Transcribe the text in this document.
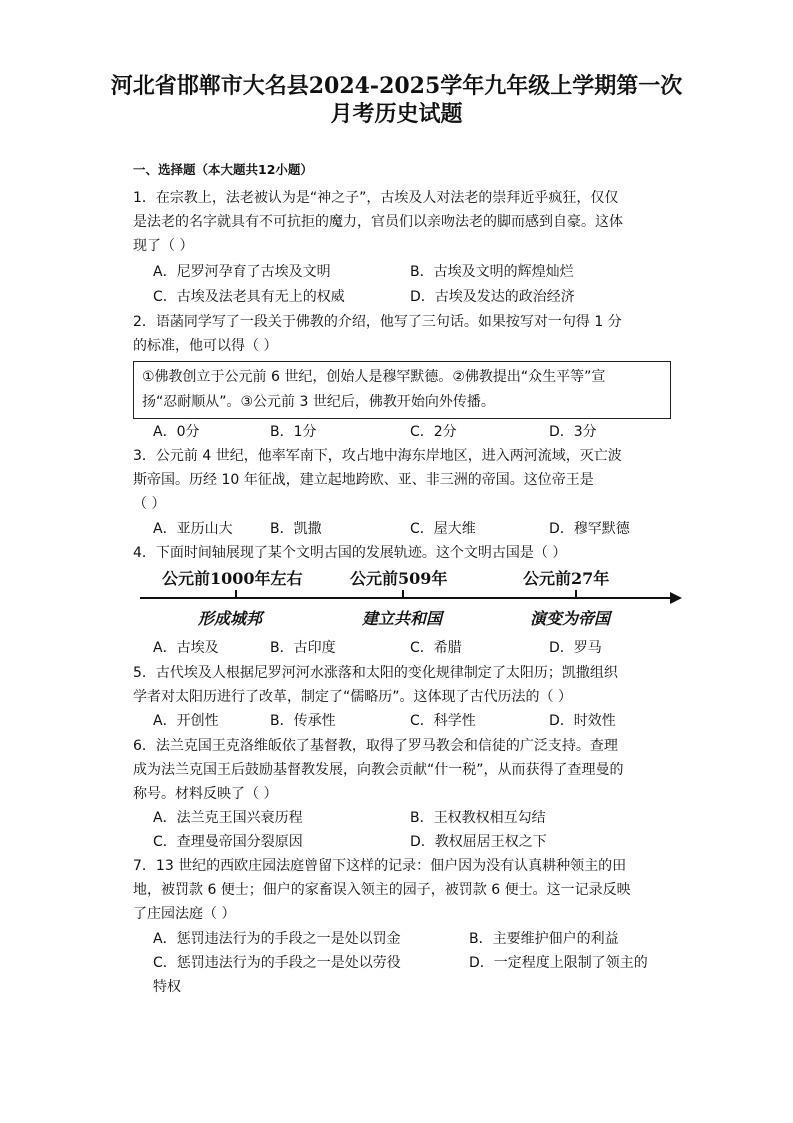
河北省邯郸市大名县2024-2025学年九年级上学期第一次
月考历史试题
一、选择题（本大题共12小题）
1．在宗教上，法老被认为是“神之子”，古埃及人对法老的崇拜近乎疯狂，仅仅
是法老的名字就具有不可抗拒的魔力，官员们以亲吻法老的脚而感到自豪。这体
现了（ ）
A．尼罗河孕育了古埃及文明	B．古埃及文明的辉煌灿烂
C．古埃及法老具有无上的权威	D．古埃及发达的政治经济
2．语菡同学写了一段关于佛教的介绍，他写了三句话。如果按写对一句得 1 分
的标准，他可以得（ ）
①佛教创立于公元前 6 世纪，创始人是穆罕默德。②佛教提出“众生平等”宣
扬“忍耐顺从”。③公元前 3 世纪后，佛教开始向外传播。
A．0分	B．1分	C．2分	D．3分
3．公元前 4 世纪，他率军南下，攻占地中海东岸地区，进入两河流域，灭亡波
斯帝国。历经 10 年征战，建立起地跨欧、亚、非三洲的帝国。这位帝王是
（ ）
A．亚历山大	B．凯撒	C．屋大维	D．穆罕默德
4．下面时间轴展现了某个文明古国的发展轨迹。这个文明古国是（ ）
公元前1000年左右	公元前509年	公元前27年
形成城邦	建立共和国	演变为帝国
A．古埃及	B．古印度	C．希腊	D．罗马
5．古代埃及人根据尼罗河河水涨落和太阳的变化规律制定了太阳历；凯撒组织
学者对太阳历进行了改革，制定了“儒略历”。这体现了古代历法的（ ）
A．开创性	B．传承性	C．科学性	D．时效性
6．法兰克国王克洛维皈依了基督教，取得了罗马教会和信徒的广泛支持。查理
成为法兰克国王后鼓励基督教发展，向教会贡献“什一税”，从而获得了查理曼的
称号。材料反映了（ ）
A．法兰克王国兴衰历程	B．王权教权相互勾结
C．查理曼帝国分裂原因	D．教权屈居王权之下
7．13 世纪的西欧庄园法庭曾留下这样的记录：佃户因为没有认真耕种领主的田
地，被罚款 6 便士；佃户的家畜误入领主的园子，被罚款 6 便士。这一记录反映
了庄园法庭（ ）
A．惩罚违法行为的手段之一是处以罚金	B．主要维护佃户的利益
C．惩罚违法行为的手段之一是处以劳役	D．一定程度上限制了领主的
特权
